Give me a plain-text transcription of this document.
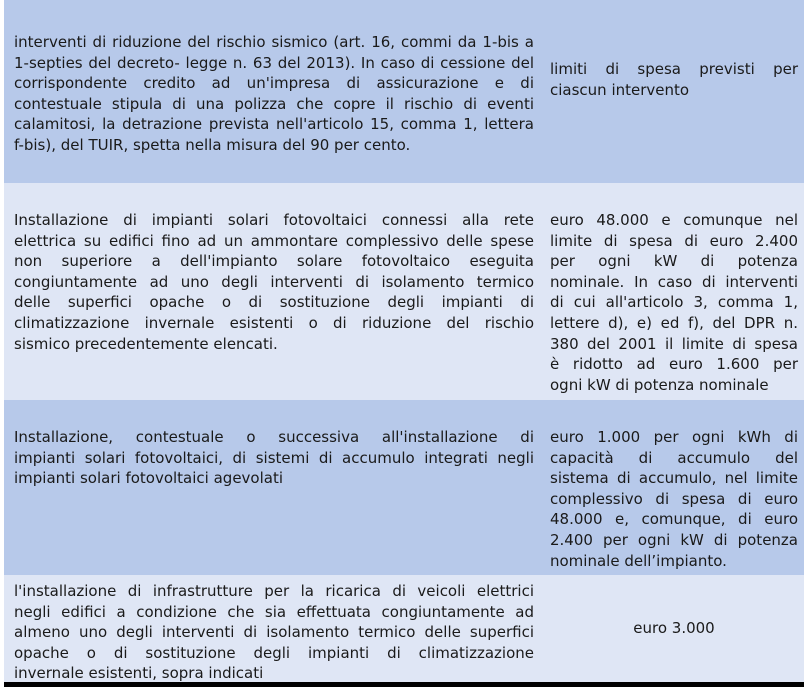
interventi di riduzione del rischio sismico (art. 16, commi da 1-bis a
1-septies del decreto- legge n. 63 del 2013). In caso di cessione del
corrispondente credito ad un'impresa di assicurazione e di
contestuale stipula di una polizza che copre il rischio di eventi
calamitosi, la detrazione prevista nell'articolo 15, comma 1, lettera
f-bis), del TUIR, spetta nella misura del 90 per cento.
limiti di spesa previsti per
ciascun intervento
Installazione di impianti solari fotovoltaici connessi alla rete
elettrica su edifici fino ad un ammontare complessivo delle spese
non superiore a dell'impianto solare fotovoltaico eseguita
congiuntamente ad uno degli interventi di isolamento termico
delle superfici opache o di sostituzione degli impianti di
climatizzazione invernale esistenti o di riduzione del rischio
sismico precedentemente elencati.
euro 48.000 e comunque nel
limite di spesa di euro 2.400
per ogni kW di potenza
nominale. In caso di interventi
di cui all'articolo 3, comma 1,
lettere d), e) ed f), del DPR n.
380 del 2001 il limite di spesa
è ridotto ad euro 1.600 per
ogni kW di potenza nominale
Installazione, contestuale o successiva all'installazione di
impianti solari fotovoltaici, di sistemi di accumulo integrati negli
impianti solari fotovoltaici agevolati
euro 1.000 per ogni kWh di
capacità di accumulo del
sistema di accumulo, nel limite
complessivo di spesa di euro
48.000 e, comunque, di euro
2.400 per ogni kW di potenza
nominale dell’impianto.
l'installazione di infrastrutture per la ricarica di veicoli elettrici
negli edifici a condizione che sia effettuata congiuntamente ad
almeno uno degli interventi di isolamento termico delle superfici
opache o di sostituzione degli impianti di climatizzazione
invernale esistenti, sopra indicati
euro 3.000
